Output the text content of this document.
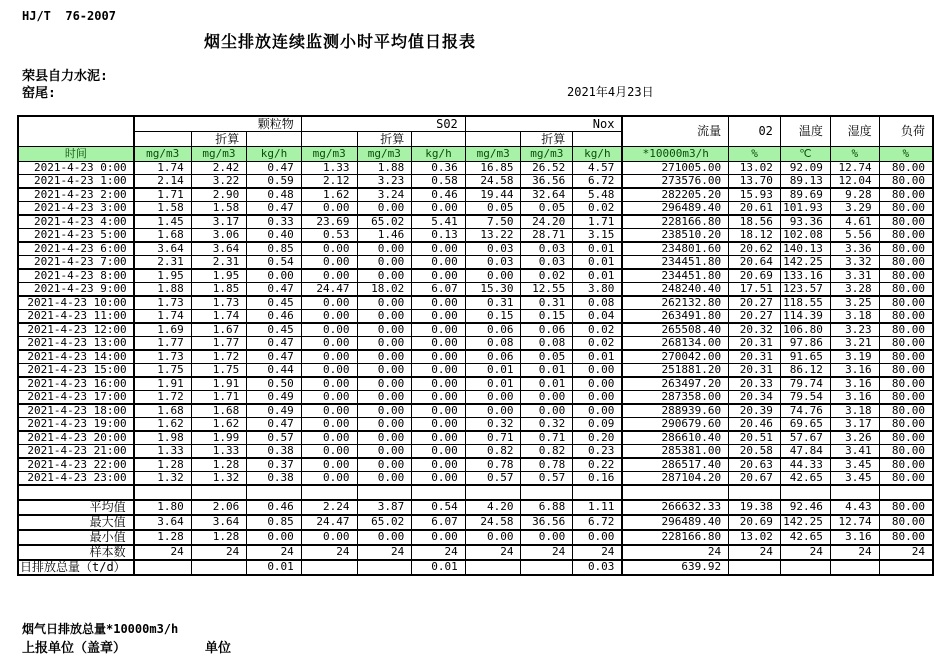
HJ/T  76-2007
烟尘排放连续监测小时平均值日报表
荣县自力水泥:
窑尾:	2021年4月23日
	颗粒物			S02			Nox			流量	02	温度	湿度	负荷
		折算			折算			折算						
时间	mg/m3	mg/m3	kg/h	mg/m3	mg/m3	kg/h	mg/m3	mg/m3	kg/h	*10000m3/h	%	℃	%	%
2021-4-23 0:00	1.74	2.42	0.47	1.33	1.88	0.36	16.85	26.52	4.57	271005.00	13.02	92.09	12.74	80.00
2021-4-23 1:00	2.14	3.22	0.59	2.12	3.23	0.58	24.58	36.56	6.72	273576.00	13.70	89.13	12.04	80.00
2021-4-23 2:00	1.71	2.90	0.48	1.62	3.24	0.46	19.44	32.64	5.48	282205.20	15.93	89.69	9.28	80.00
2021-4-23 3:00	1.58	1.58	0.47	0.00	0.00	0.00	0.05	0.05	0.02	296489.40	20.61	101.93	3.29	80.00
2021-4-23 4:00	1.45	3.17	0.33	23.69	65.02	5.41	7.50	24.20	1.71	228166.80	18.56	93.36	4.61	80.00
2021-4-23 5:00	1.68	3.06	0.40	0.53	1.46	0.13	13.22	28.71	3.15	238510.20	18.12	102.08	5.56	80.00
2021-4-23 6:00	3.64	3.64	0.85	0.00	0.00	0.00	0.03	0.03	0.01	234801.60	20.62	140.13	3.36	80.00
2021-4-23 7:00	2.31	2.31	0.54	0.00	0.00	0.00	0.03	0.03	0.01	234451.80	20.64	142.25	3.32	80.00
2021-4-23 8:00	1.95	1.95	0.00	0.00	0.00	0.00	0.00	0.02	0.01	234451.80	20.69	133.16	3.31	80.00
2021-4-23 9:00	1.88	1.85	0.47	24.47	18.02	6.07	15.30	12.55	3.80	248240.40	17.51	123.57	3.28	80.00
2021-4-23 10:00	1.73	1.73	0.45	0.00	0.00	0.00	0.31	0.31	0.08	262132.80	20.27	118.55	3.25	80.00
2021-4-23 11:00	1.74	1.74	0.46	0.00	0.00	0.00	0.15	0.15	0.04	263491.80	20.27	114.39	3.18	80.00
2021-4-23 12:00	1.69	1.67	0.45	0.00	0.00	0.00	0.06	0.06	0.02	265508.40	20.32	106.80	3.23	80.00
2021-4-23 13:00	1.77	1.77	0.47	0.00	0.00	0.00	0.08	0.08	0.02	268134.00	20.31	97.86	3.21	80.00
2021-4-23 14:00	1.73	1.72	0.47	0.00	0.00	0.00	0.06	0.05	0.01	270042.00	20.31	91.65	3.19	80.00
2021-4-23 15:00	1.75	1.75	0.44	0.00	0.00	0.00	0.01	0.01	0.00	251881.20	20.31	86.12	3.16	80.00
2021-4-23 16:00	1.91	1.91	0.50	0.00	0.00	0.00	0.01	0.01	0.00	263497.20	20.33	79.74	3.16	80.00
2021-4-23 17:00	1.72	1.71	0.49	0.00	0.00	0.00	0.00	0.00	0.00	287358.00	20.34	79.54	3.16	80.00
2021-4-23 18:00	1.68	1.68	0.49	0.00	0.00	0.00	0.00	0.00	0.00	288939.60	20.39	74.76	3.18	80.00
2021-4-23 19:00	1.62	1.62	0.47	0.00	0.00	0.00	0.32	0.32	0.09	290679.60	20.46	69.65	3.17	80.00
2021-4-23 20:00	1.98	1.99	0.57	0.00	0.00	0.00	0.71	0.71	0.20	286610.40	20.51	57.67	3.26	80.00
2021-4-23 21:00	1.33	1.33	0.38	0.00	0.00	0.00	0.82	0.82	0.23	285381.00	20.58	47.84	3.41	80.00
2021-4-23 22:00	1.28	1.28	0.37	0.00	0.00	0.00	0.78	0.78	0.22	286517.40	20.63	44.33	3.45	80.00
2021-4-23 23:00	1.32	1.32	0.38	0.00	0.00	0.00	0.57	0.57	0.16	287104.20	20.67	42.65	3.45	80.00

平均值	1.80	2.06	0.46	2.24	3.87	0.54	4.20	6.88	1.11	266632.33	19.38	92.46	4.43	80.00
最大值	3.64	3.64	0.85	24.47	65.02	6.07	24.58	36.56	6.72	296489.40	20.69	142.25	12.74	80.00
最小值	1.28	1.28	0.00	0.00	0.00	0.00	0.00	0.00	0.00	228166.80	13.02	42.65	3.16	80.00
样本数	24	24	24	24	24	24	24	24	24	24	24	24	24	24
日排放总量（t/d）			0.01			0.01			0.03	639.92				
烟气日排放总量*10000m3/h
上报单位（盖章）	单位
